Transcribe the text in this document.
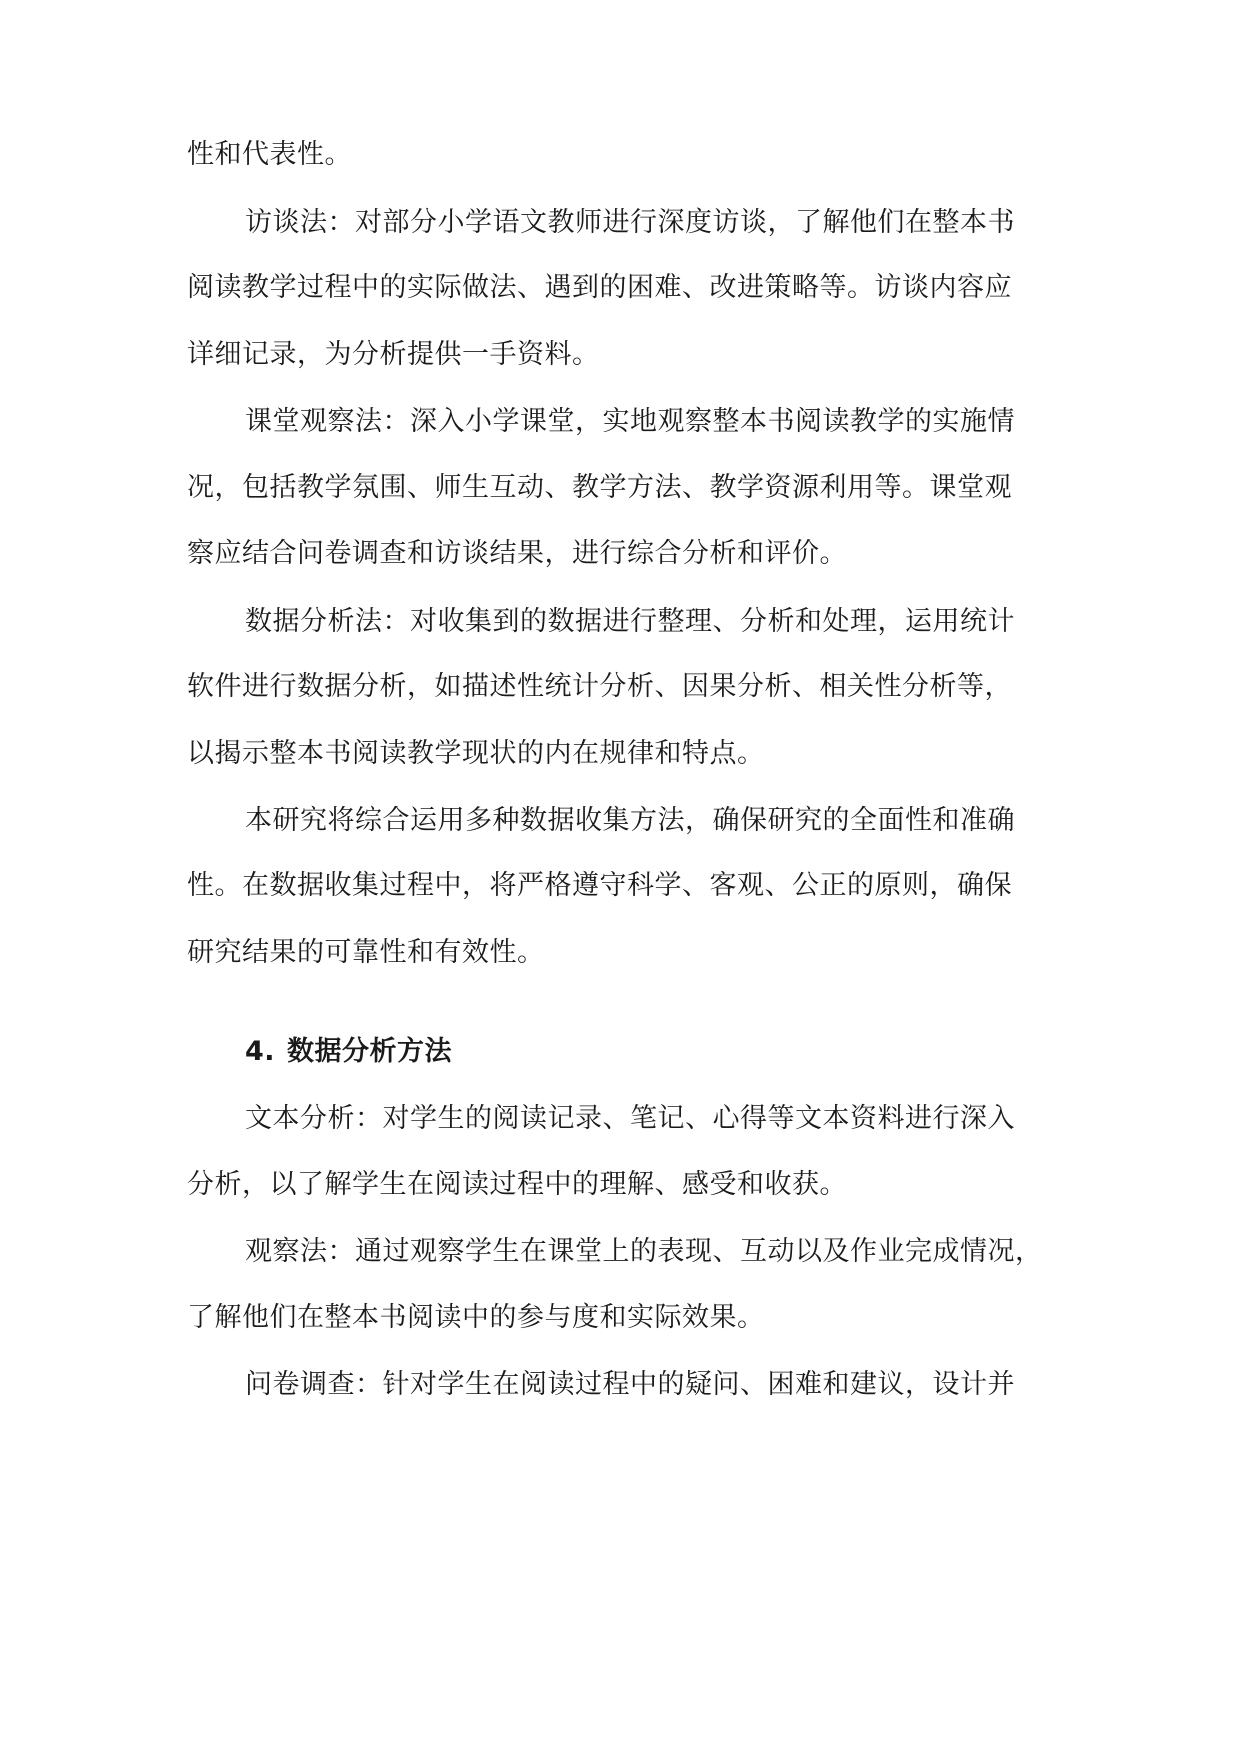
性和代表性。
访谈法：对部分小学语文教师进行深度访谈，了解他们在整本书
阅读教学过程中的实际做法、遇到的困难、改进策略等。访谈内容应
详细记录，为分析提供一手资料。
课堂观察法：深入小学课堂，实地观察整本书阅读教学的实施情
况，包括教学氛围、师生互动、教学方法、教学资源利用等。课堂观
察应结合问卷调查和访谈结果，进行综合分析和评价。
数据分析法：对收集到的数据进行整理、分析和处理，运用统计
软件进行数据分析，如描述性统计分析、因果分析、相关性分析等，
以揭示整本书阅读教学现状的内在规律和特点。
本研究将综合运用多种数据收集方法，确保研究的全面性和准确
性。在数据收集过程中，将严格遵守科学、客观、公正的原则，确保
研究结果的可靠性和有效性。
4. 数据分析方法
文本分析：对学生的阅读记录、笔记、心得等文本资料进行深入
分析，以了解学生在阅读过程中的理解、感受和收获。
观察法：通过观察学生在课堂上的表现、互动以及作业完成情况，
了解他们在整本书阅读中的参与度和实际效果。
问卷调查：针对学生在阅读过程中的疑问、困难和建议，设计并
